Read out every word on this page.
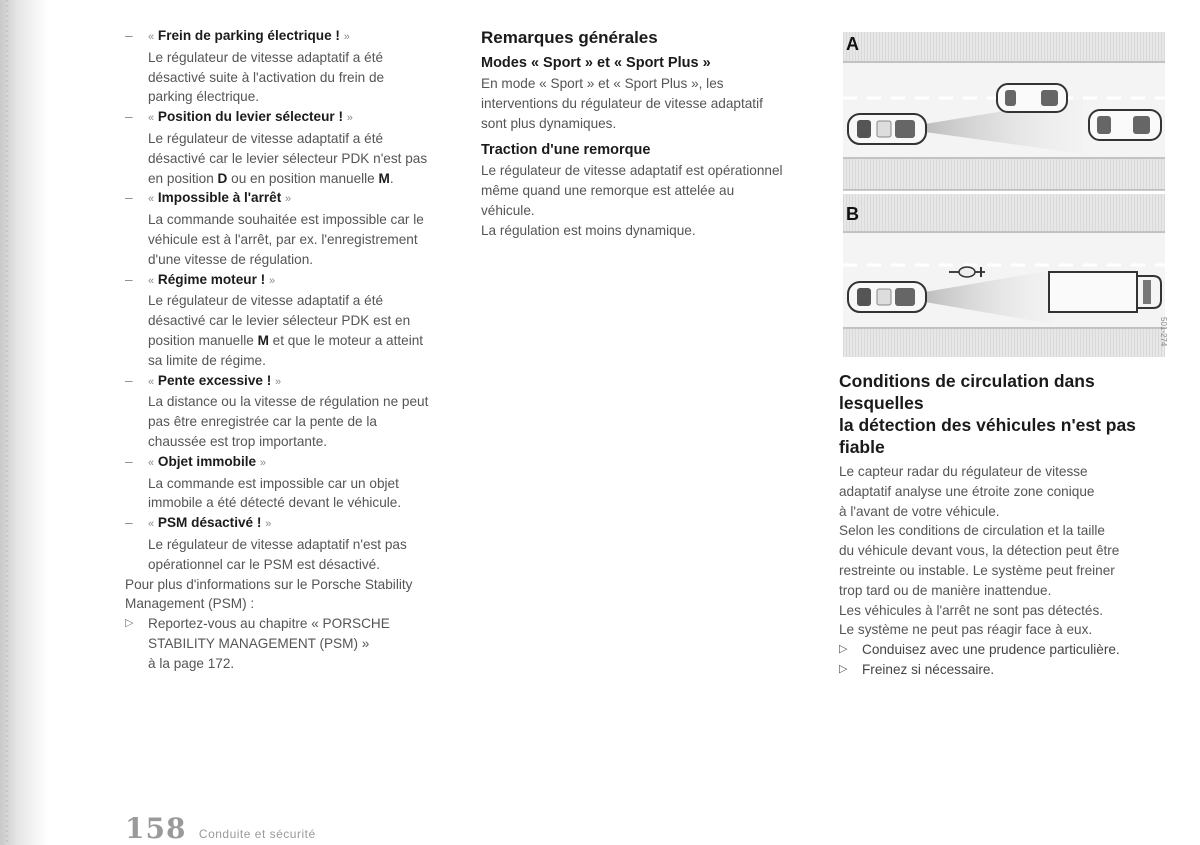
– « Frein de parking électrique ! »
Le régulateur de vitesse adaptatif a été
désactivé suite à l'activation du frein de
parking électrique.
– « Position du levier sélecteur ! »
Le régulateur de vitesse adaptatif a été
désactivé car le levier sélecteur PDK n'est pas
en position D ou en position manuelle M.
– « Impossible à l'arrêt »
La commande souhaitée est impossible car le
véhicule est à l'arrêt, par ex. l'enregistrement
d'une vitesse de régulation.
– « Régime moteur ! »
Le régulateur de vitesse adaptatif a été
désactivé car le levier sélecteur PDK est en
position manuelle M et que le moteur a atteint
sa limite de régime.
– « Pente excessive ! »
La distance ou la vitesse de régulation ne peut
pas être enregistrée car la pente de la
chaussée est trop importante.
– « Objet immobile »
La commande est impossible car un objet
immobile a été détecté devant le véhicule.
– « PSM désactivé ! »
Le régulateur de vitesse adaptatif n'est pas
opérationnel car le PSM est désactivé.
Pour plus d'informations sur le Porsche Stability
Management (PSM) :
▷ Reportez-vous au chapitre « PORSCHE
STABILITY MANAGEMENT (PSM) »
à la page 172.
Remarques générales
Modes « Sport » et « Sport Plus »
En mode « Sport » et « Sport Plus », les
interventions du régulateur de vitesse adaptatif
sont plus dynamiques.
Traction d'une remorque
Le régulateur de vitesse adaptatif est opérationnel
même quand une remorque est attelée au
véhicule.
La régulation est moins dynamique.
A
B
501-274
Conditions de circulation dans lesquelles
la détection des véhicules n'est pas fiable
Le capteur radar du régulateur de vitesse
adaptatif analyse une étroite zone conique
à l'avant de votre véhicule.
Selon les conditions de circulation et la taille
du véhicule devant vous, la détection peut être
restreinte ou instable. Le système peut freiner
trop tard ou de manière inattendue.
Les véhicules à l'arrêt ne sont pas détectés.
Le système ne peut pas réagir face à eux.
▷ Conduisez avec une prudence particulière.
▷ Freinez si nécessaire.
158 Conduite et sécurité
